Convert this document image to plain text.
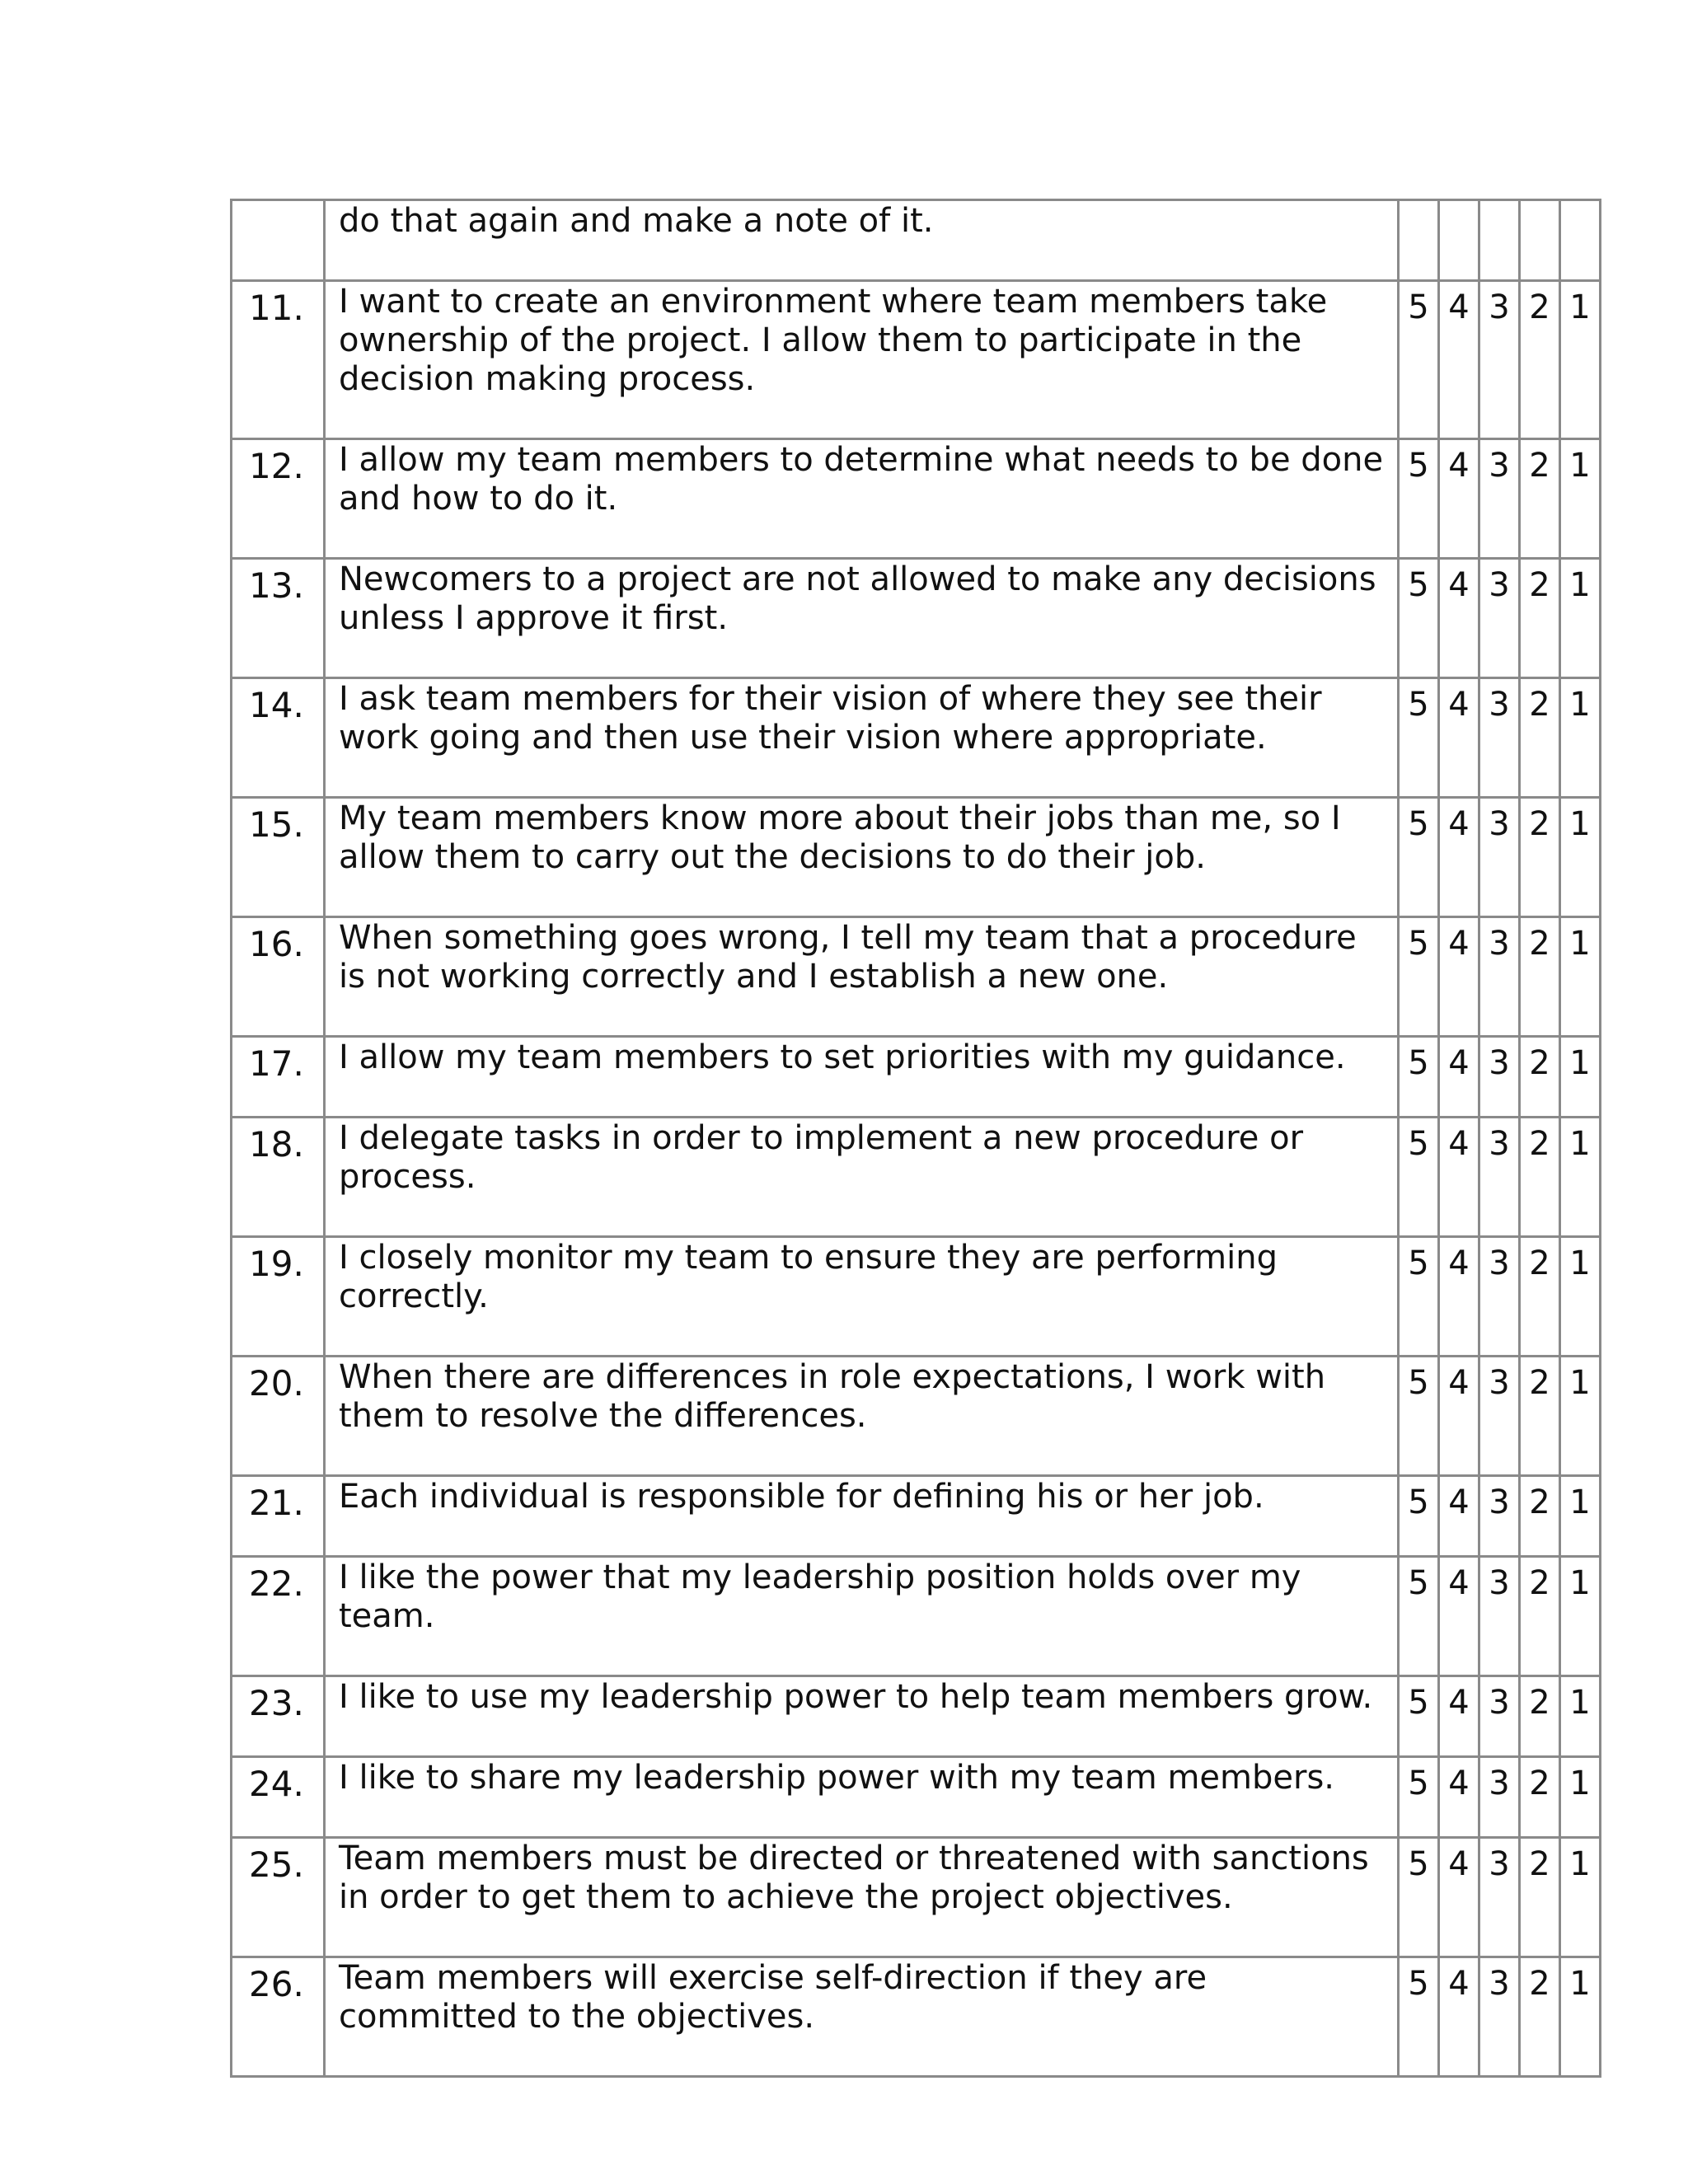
	do that again and make a note of it.					
11.	I want to create an environment where team members take ownership of the project. I allow them to participate in the decision making process.	5	4	3	2	1
12.	I allow my team members to determine what needs to be done and how to do it.	5	4	3	2	1
13.	Newcomers to a project are not allowed to make any decisions unless I approve it first.	5	4	3	2	1
14.	I ask team members for their vision of where they see their work going and then use their vision where appropriate.	5	4	3	2	1
15.	My team members know more about their jobs than me, so I allow them to carry out the decisions to do their job.	5	4	3	2	1
16.	When something goes wrong, I tell my team that a procedure is not working correctly and I establish a new one.	5	4	3	2	1
17.	I allow my team members to set priorities with my guidance.	5	4	3	2	1
18.	I delegate tasks in order to implement a new procedure or process.	5	4	3	2	1
19.	I closely monitor my team to ensure they are performing correctly.	5	4	3	2	1
20.	When there are differences in role expectations, I work with them to resolve the differences.	5	4	3	2	1
21.	Each individual is responsible for defining his or her job.	5	4	3	2	1
22.	I like the power that my leadership position holds over my team.	5	4	3	2	1
23.	I like to use my leadership power to help team members grow.	5	4	3	2	1
24.	I like to share my leadership power with my team members.	5	4	3	2	1
25.	Team members must be directed or threatened with sanctions in order to get them to achieve the project objectives.	5	4	3	2	1
26.	Team members will exercise self-direction if they are committed to the objectives.	5	4	3	2	1
